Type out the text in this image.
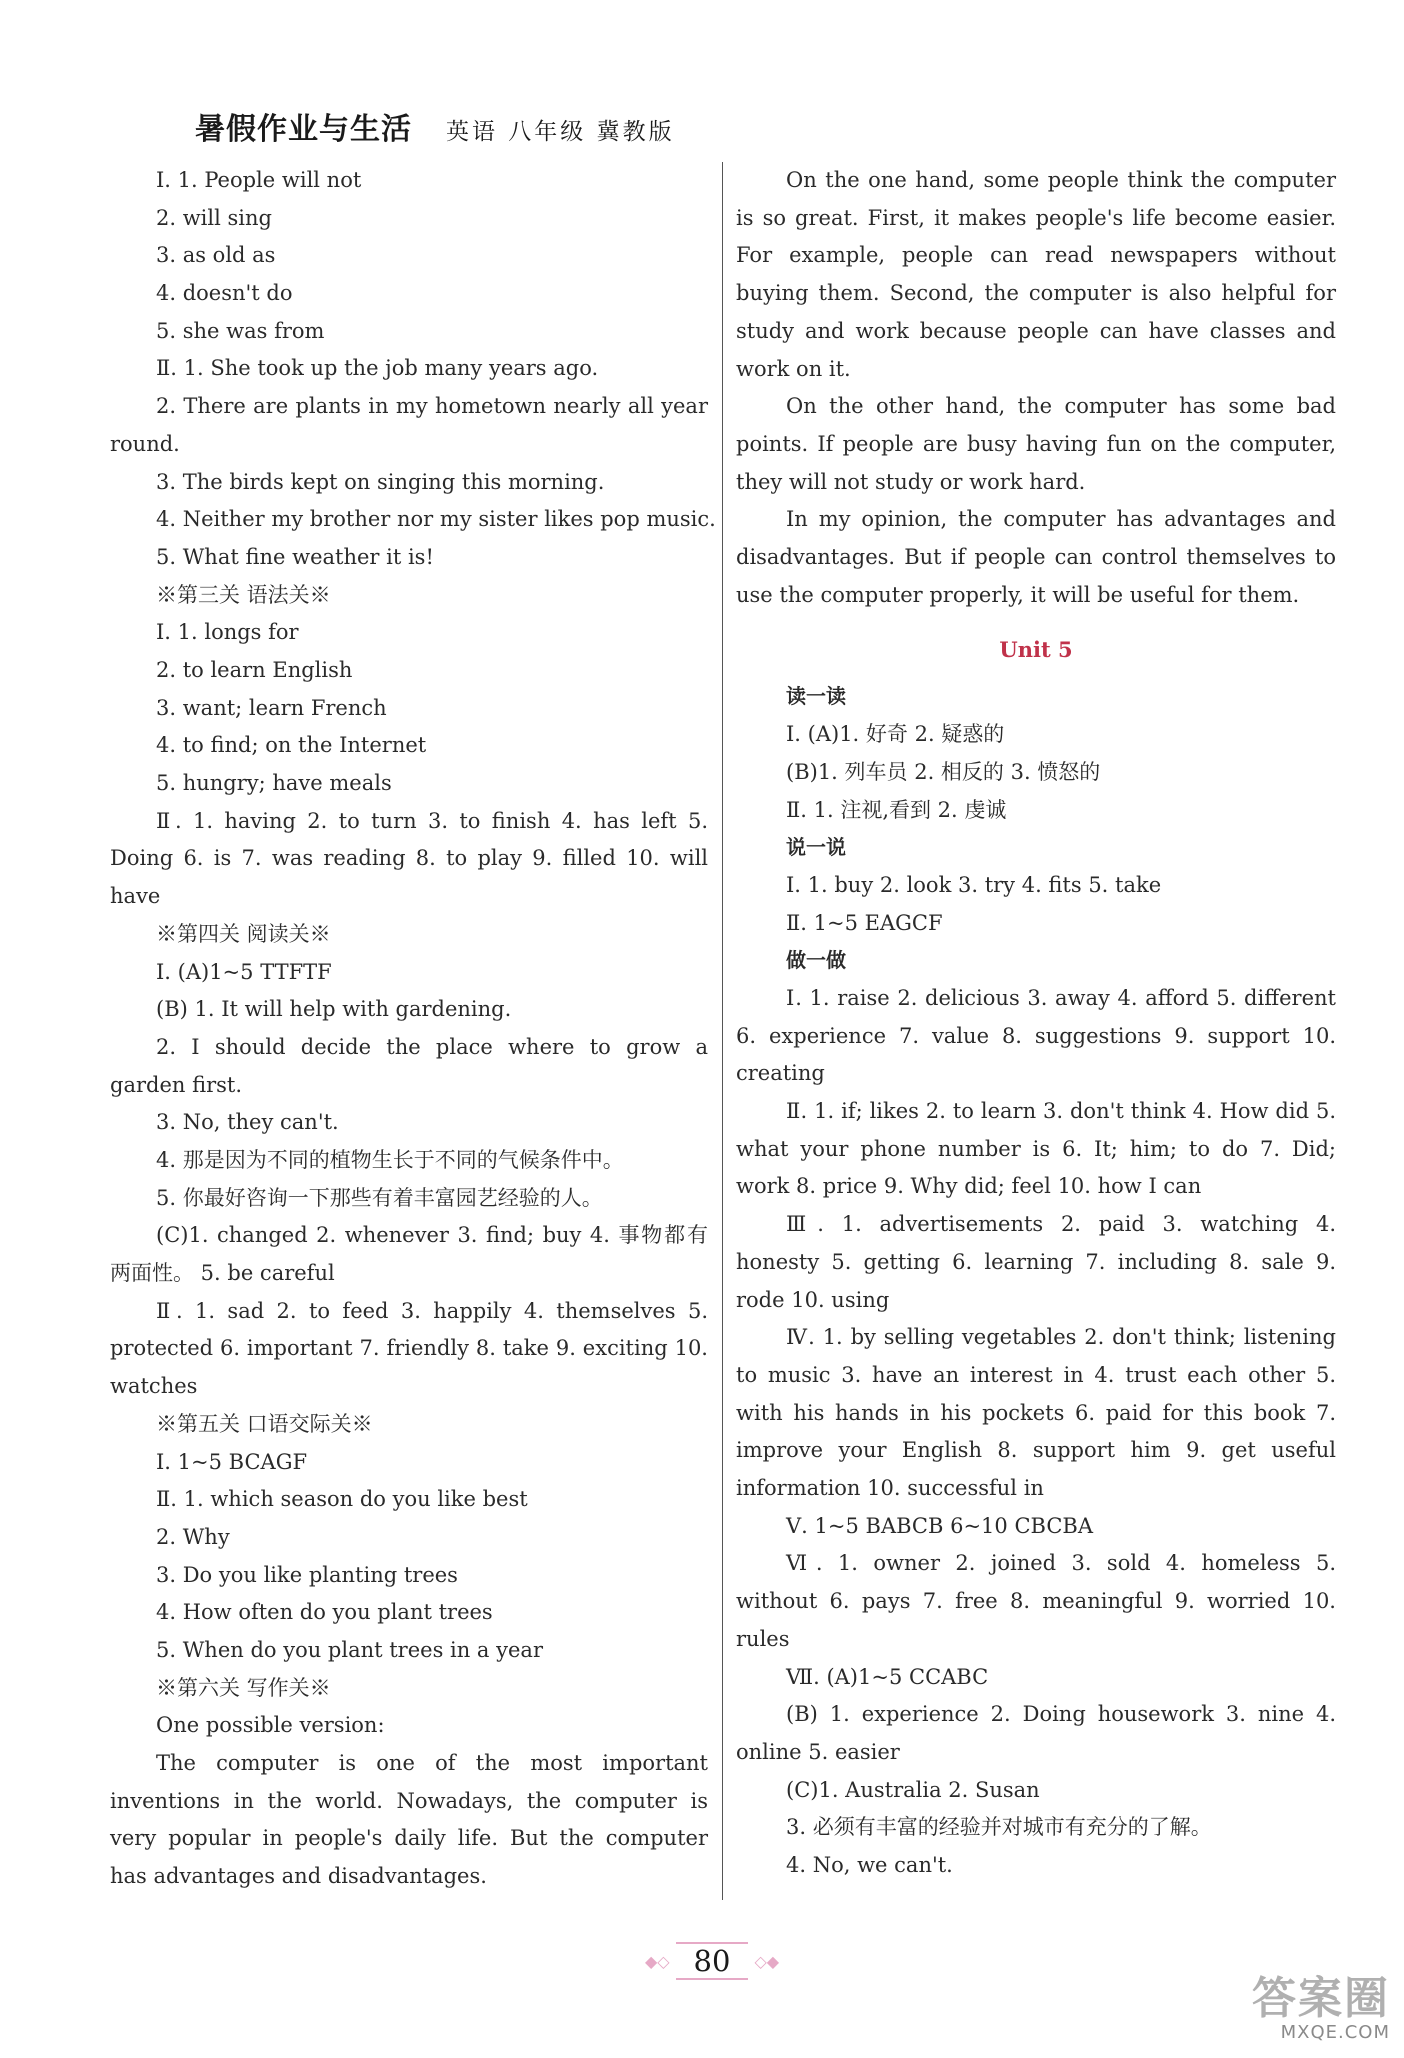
暑假作业与生活 英语 八年级 冀教版
Ⅰ. 1. People will not
2. will sing
3. as old as
4. doesn't do
5. she was from
Ⅱ. 1. She took up the job many years ago.

2. There are plants in my hometown nearly all year round.

3. The birds kept on singing this morning.
4. Neither my brother nor my sister likes pop music.
5. What fine weather it is!
※第三关 语法关※
Ⅰ. 1. longs for
2. to learn English
3. want; learn French
4. to find; on the Internet
5. hungry; have meals

Ⅱ. 1. having 2. to turn 3. to finish 4. has left 5. Doing 6. is 7. was reading 8. to play 9. filled 10. will have

※第四关 阅读关※
Ⅰ. (A)1~5 TTFTF
(B) 1. It will help with gardening.

2. I should decide the place where to grow a garden first.

3. No, they can't.
4. 那是因为不同的植物生长于不同的气候条件中。
5. 你最好咨询一下那些有着丰富园艺经验的人。

(C)1. changed 2. whenever 3. find; buy 4. 事物都有两面性。 5. be careful

Ⅱ. 1. sad 2. to feed 3. happily 4. themselves 5. protected 6. important 7. friendly 8. take 9. exciting 10. watches

※第五关 口语交际关※
Ⅰ. 1~5 BCAGF
Ⅱ. 1. which season do you like best
2. Why
3. Do you like planting trees
4. How often do you plant trees
5. When do you plant trees in a year
※第六关 写作关※
One possible version:

The computer is one of the most important inventions in the world. Nowadays, the computer is very popular in people's daily life. But the computer has advantages and disadvantages.

On the one hand, some people think the computer is so great. First, it makes people's life become easier. For example, people can read newspapers without buying them. Second, the computer is also helpful for study and work because people can have classes and work on it.

On the other hand, the computer has some bad points. If people are busy having fun on the computer, they will not study or work hard.

In my opinion, the computer has advantages and disadvantages. But if people can control themselves to use the computer properly, it will be useful for them.

Unit 5
读一读
Ⅰ. (A)1. 好奇 2. 疑惑的
(B)1. 列车员 2. 相反的 3. 愤怒的
Ⅱ. 1. 注视,看到 2. 虔诚
说一说
Ⅰ. 1. buy 2. look 3. try 4. fits 5. take
Ⅱ. 1~5 EAGCF
做一做

Ⅰ. 1. raise 2. delicious 3. away 4. afford 5. different 6. experience 7. value 8. suggestions 9. support 10. creating

Ⅱ. 1. if; likes 2. to learn 3. don't think 4. How did 5. what your phone number is 6. It; him; to do 7. Did; work 8. price 9. Why did; feel 10. how I can

Ⅲ. 1. advertisements 2. paid 3. watching 4. honesty 5. getting 6. learning 7. including 8. sale 9. rode 10. using

Ⅳ. 1. by selling vegetables 2. don't think; listening to music 3. have an interest in 4. trust each other 5. with his hands in his pockets 6. paid for this book 7. improve your English 8. support him 9. get useful information 10. successful in

Ⅴ. 1~5 BABCB 6~10 CBCBA

Ⅵ. 1. owner 2. joined 3. sold 4. homeless 5. without 6. pays 7. free 8. meaningful 9. worried 10. rules

Ⅶ. (A)1~5 CCABC

(B) 1. experience 2. Doing housework 3. nine 4. online 5. easier

(C)1. Australia 2. Susan
3. 必须有丰富的经验并对城市有充分的了解。
4. No, we can't.
◆◇ 80	◇◆
答案圈
MXQE.COM
